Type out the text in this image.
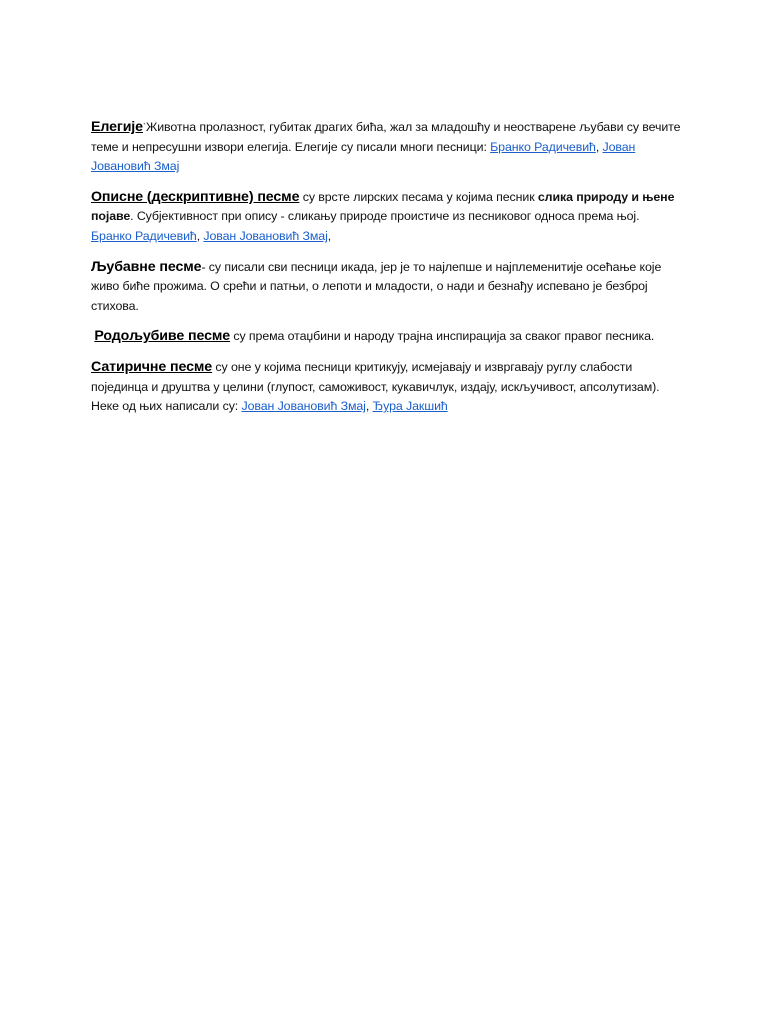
Елегије`Животна пролазност, губитак драгих бића, жал за младошћу и неостварене љубави су вечите теме и непресушни извори елегија. Елегије су писали многи песници: Бранко Радичевић, Јован Јовановић Змај

Описне (дескриптивне) песме су врсте лирских песама у којима песник слика природу и њене појаве. Субјективност при опису - сликању природе проистиче из песниковог односа према њој. Бранко Радичевић, Јован Јовановић Змај,

Љубавне песме- су писали сви песници икада, јер је то најлепше и најплеменитије осећање које живо биће прожима. О срећи и патњи, о лепоти и младости, о нади и безнађу испевано је безброј стихова.

Родољубиве песме су према отаџбини и народу трајна инспирација за сваког правог песника.

Сатиричне песме су оне у којима песници критикују, исмејавају и извргавају руглу слабости појединца и друштва у целини (глупост, саможивост, кукавичлук, издају, искључивост, апсолутизам). Неке од њих написали су: Јован Јовановић Змај, Ђура Јакшић
